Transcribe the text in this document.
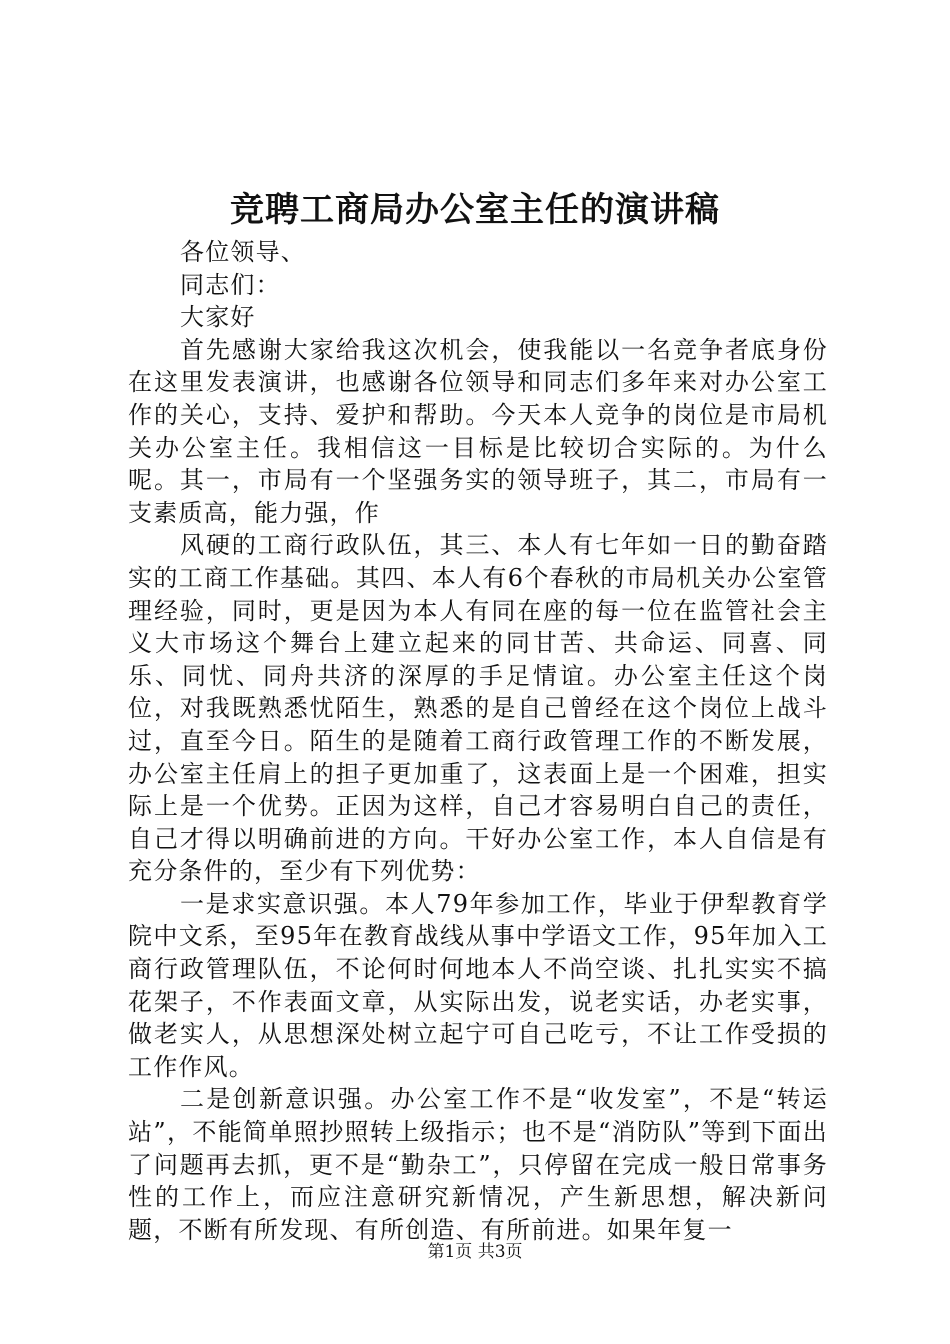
竞聘工商局办公室主任的演讲稿

各位领导、

同志们：

大家好

首先感谢大家给我这次机会，使我能以一名竞争者底身份在这里发表演讲，也感谢各位领导和同志们多年来对办公室工作的关心，支持、爱护和帮助。今天本人竞争的岗位是市局机关办公室主任。我相信这一目标是比较切合实际的。为什么呢。其一，市局有一个坚强务实的领导班子，其二，市局有一支素质高，能力强，作

风硬的工商行政队伍，其三、本人有七年如一日的勤奋踏实的工商工作基础。其四、本人有6个春秋的市局机关办公室管理经验，同时，更是因为本人有同在座的每一位在监管社会主义大市场这个舞台上建立起来的同甘苦、共命运、同喜、同乐、同忧、同舟共济的深厚的手足情谊。办公室主任这个岗位，对我既熟悉忧陌生，熟悉的是自己曾经在这个岗位上战斗过，直至今日。陌生的是随着工商行政管理工作的不断发展，办公室主任肩上的担子更加重了，这表面上是一个困难，担实际上是一个优势。正因为这样，自己才容易明白自己的责任，自己才得以明确前进的方向。干好办公室工作，本人自信是有充分条件的，至少有下列优势：

一是求实意识强。本人79年参加工作，毕业于伊犁教育学院中文系，至95年在教育战线从事中学语文工作，95年加入工商行政管理队伍，不论何时何地本人不尚空谈、扎扎实实不搞花架子，不作表面文章，从实际出发，说老实话，办老实事，做老实人，从思想深处树立起宁可自己吃亏，不让工作受损的工作作风。

二是创新意识强。办公室工作不是“收发室”，不是“转运站”，不能简单照抄照转上级指示；也不是“消防队”等到下面出了问题再去抓，更不是“勤杂工”，只停留在完成一般日常事务性的工作上，而应注意研究新情况，产生新思想，解决新问题，不断有所发现、有所创造、有所前进。如果年复一

第1页 共3页
